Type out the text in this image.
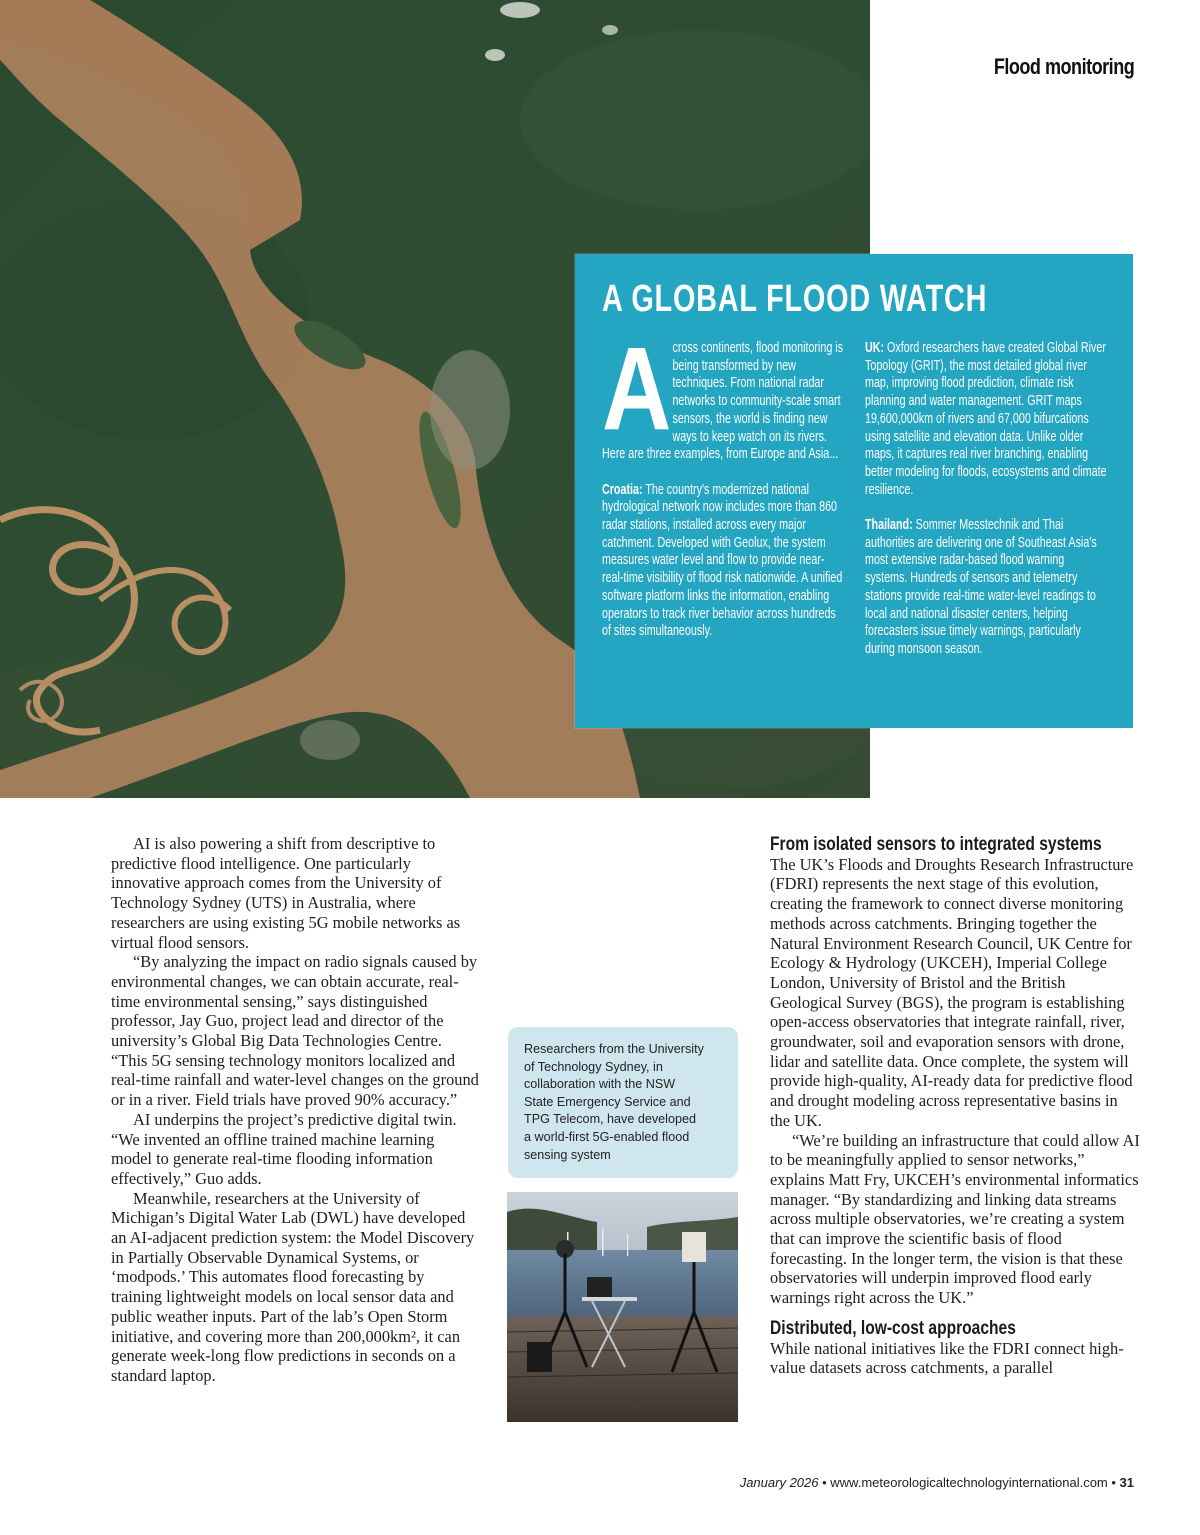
Flood monitoring
A GLOBAL FLOOD WATCH

Across continents, flood monitoring is being transformed by new techniques. From national radar networks to community-scale smart sensors, the world is finding new ways to keep watch on its rivers. Here are three examples, from Europe and Asia...

Croatia: The country's modernized national hydrological network now includes more than 860 radar stations, installed across every major catchment. Developed with Geolux, the system measures water level and flow to provide near-real-time visibility of flood risk nationwide. A unified software platform links the information, enabling operators to track river behavior across hundreds of sites simultaneously.

UK: Oxford researchers have created Global River Topology (GRIT), the most detailed global river map, improving flood prediction, climate risk planning and water management. GRIT maps 19,600,000km of rivers and 67,000 bifurcations using satellite and elevation data. Unlike older maps, it captures real river branching, enabling better modeling for floods, ecosystems and climate resilience.

Thailand: Sommer Messtechnik and Thai authorities are delivering one of Southeast Asia's most extensive radar-based flood warning systems. Hundreds of sensors and telemetry stations provide real-time water-level readings to local and national disaster centers, helping forecasters issue timely warnings, particularly during monsoon season.

AI is also powering a shift from descriptive to predictive flood intelligence. One particularly innovative approach comes from the University of Technology Sydney (UTS) in Australia, where researchers are using existing 5G mobile networks as virtual flood sensors.

“By analyzing the impact on radio signals caused by environmental changes, we can obtain accurate, real-time environmental sensing,” says distinguished professor, Jay Guo, project lead and director of the university’s Global Big Data Technologies Centre. “This 5G sensing technology monitors localized and real-time rainfall and water-level changes on the ground or in a river. Field trials have proved 90% accuracy.”

AI underpins the project’s predictive digital twin. “We invented an offline trained machine learning model to generate real-time flooding information effectively,” Guo adds.

Meanwhile, researchers at the University of Michigan’s Digital Water Lab (DWL) have developed an AI-adjacent prediction system: the Model Discovery in Partially Observable Dynamical Systems, or ‘modpods.’ This automates flood forecasting by training lightweight models on local sensor data and public weather inputs. Part of the lab’s Open Storm initiative, and covering more than 200,000km², it can generate week-long flow predictions in seconds on a standard laptop.

Researchers from the University
of Technology Sydney, in
collaboration with the NSW
State Emergency Service and
TPG Telecom, have developed
a world-first 5G-enabled flood
sensing system
From isolated sensors to integrated systems

The UK’s Floods and Droughts Research Infrastructure (FDRI) represents the next stage of this evolution, creating the framework to connect diverse monitoring methods across catchments. Bringing together the Natural Environment Research Council, UK Centre for Ecology & Hydrology (UKCEH), Imperial College London, University of Bristol and the British Geological Survey (BGS), the program is establishing open-access observatories that integrate rainfall, river, groundwater, soil and evaporation sensors with drone, lidar and satellite data. Once complete, the system will provide high-quality, AI-ready data for predictive flood and drought modeling across representative basins in the UK.

“We’re building an infrastructure that could allow AI to be meaningfully applied to sensor networks,” explains Matt Fry, UKCEH’s environmental informatics manager. “By standardizing and linking data streams across multiple observatories, we’re creating a system that can improve the scientific basis of flood forecasting. In the longer term, the vision is that these observatories will underpin improved flood early warnings right across the UK.”

Distributed, low-cost approaches

While national initiatives like the FDRI connect high-value datasets across catchments, a parallel

January 2026 • www.meteorologicaltechnologyinternational.com • 31
